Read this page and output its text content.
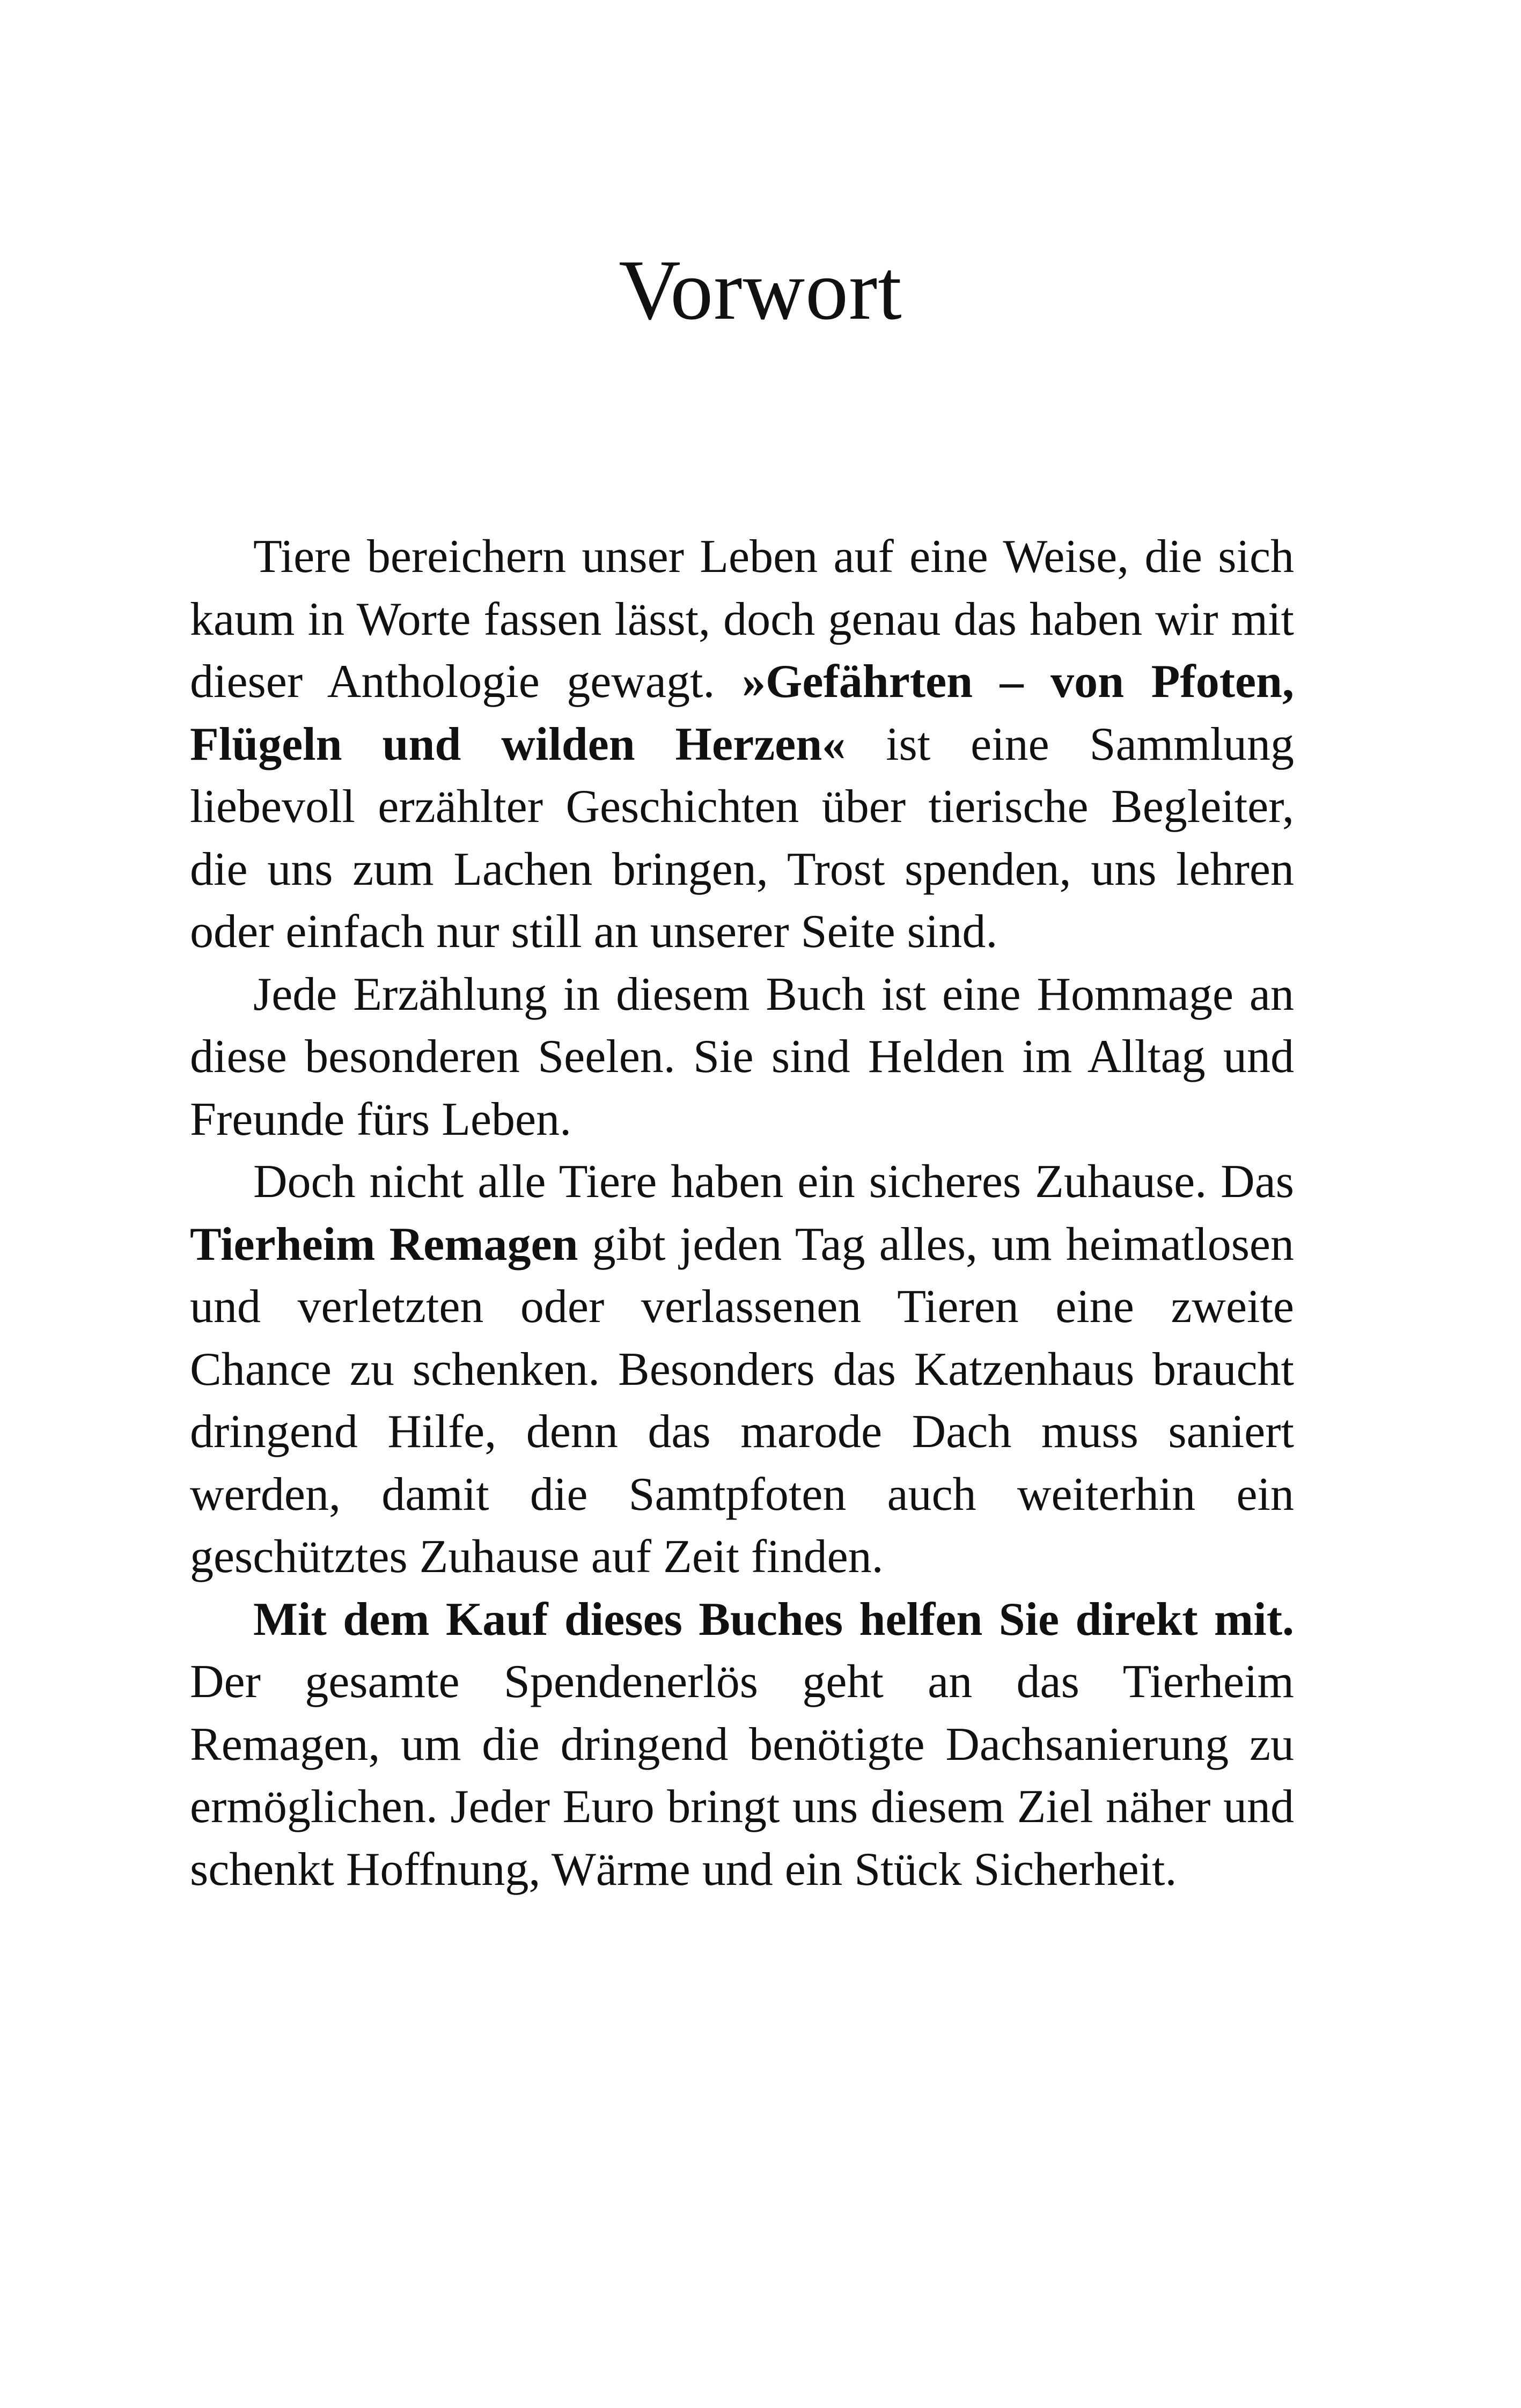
Vorwort

Tiere bereichern unser Leben auf eine Weise, die sich kaum in Worte fassen lässt, doch genau das haben wir mit dieser Anthologie gewagt. »Gefährten – von Pfoten, Flügeln und wilden Herzen« ist eine Sammlung liebevoll erzählter Geschichten über tierische Begleiter, die uns zum Lachen bringen, Trost spenden, uns lehren oder einfach nur still an unserer Seite sind.

Jede Erzählung in diesem Buch ist eine Hommage an diese besonderen Seelen. Sie sind Helden im Alltag und Freunde fürs Leben.

Doch nicht alle Tiere haben ein sicheres Zuhause. Das Tierheim Remagen gibt jeden Tag alles, um heimatlosen und verletzten oder verlassenen Tieren eine zweite Chance zu schenken. Besonders das Katzenhaus braucht dringend Hilfe, denn das marode Dach muss saniert werden, damit die Samtpfoten auch weiterhin ein geschütztes Zuhause auf Zeit finden.

Mit dem Kauf dieses Buches helfen Sie direkt mit. Der gesamte Spendenerlös geht an das Tierheim Remagen, um die dringend benötigte Dachsanierung zu ermöglichen. Jeder Euro bringt uns diesem Ziel näher und schenkt Hoffnung, Wärme und ein Stück Sicherheit.
